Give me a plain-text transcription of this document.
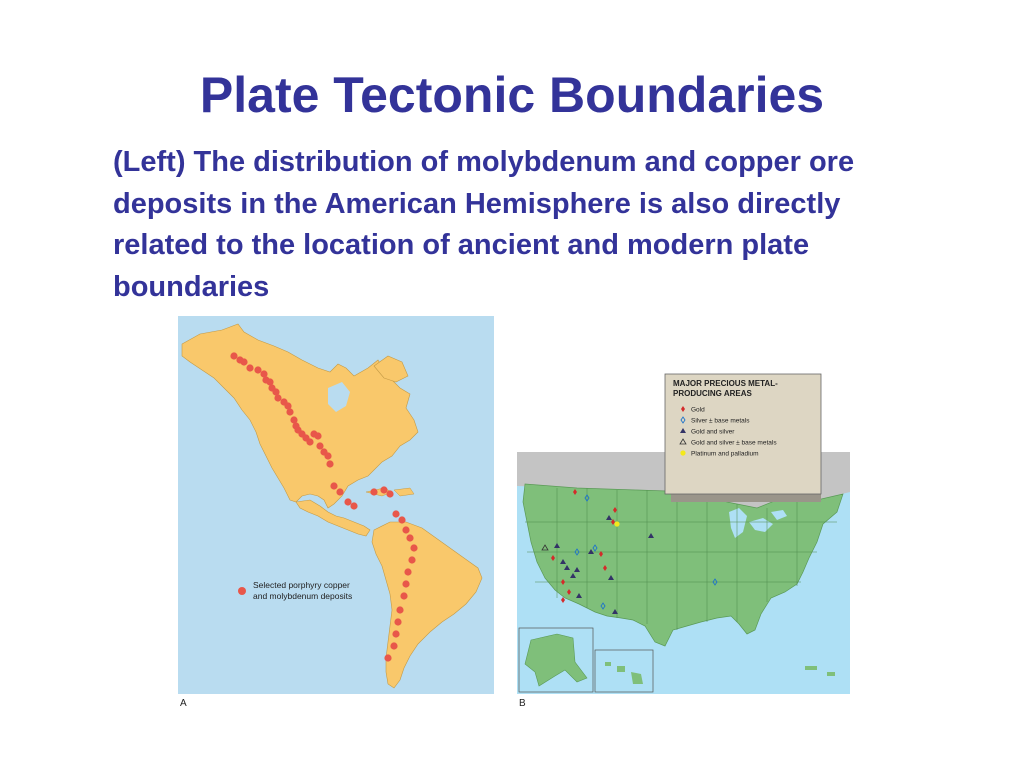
Plate Tectonic Boundaries

(Left) The distribution of molybdenum and copper ore deposits in the American Hemisphere is also directly related to the location of ancient and modern plate boundaries

Selected porphyry copper
and molybdenum deposits
A
MAJOR PRECIOUS METAL-
PRODUCING AREAS
Gold
Silver ± base metals
Gold and silver
Gold and silver ± base metals
Platinum and palladium
B
